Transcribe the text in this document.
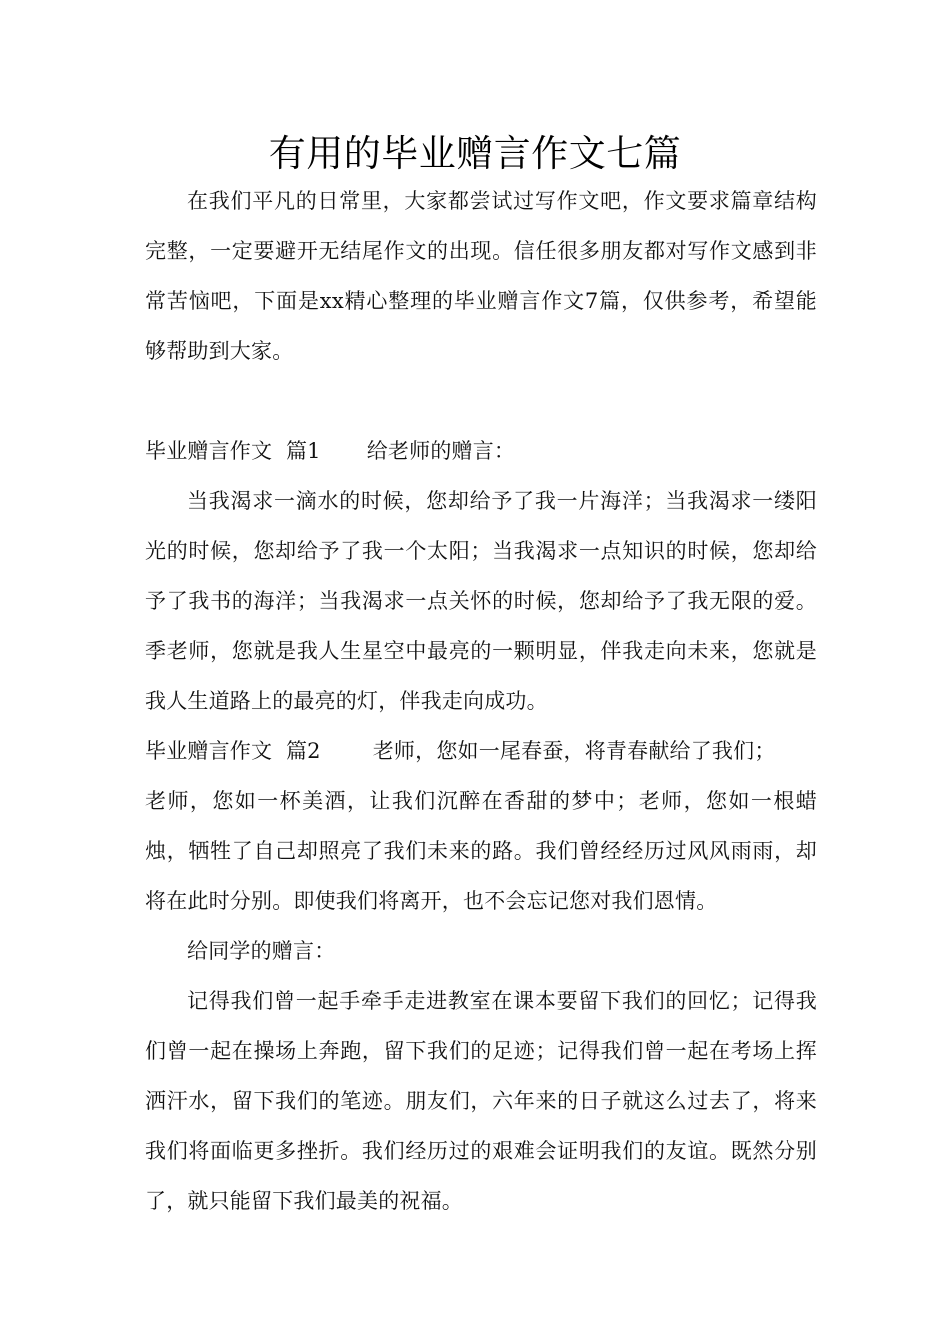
有用的毕业赠言作文七篇

在我们平凡的日常里，大家都尝试过写作文吧，作文要求篇章结构完整，一定要避开无结尾作文的出现。信任很多朋友都对写作文感到非常苦恼吧，下面是xx精心整理的毕业赠言作文7篇，仅供参考，希望能够帮助到大家。

毕业赠言作文  篇1 给老师的赠言：

当我渴求一滴水的时候，您却给予了我一片海洋；当我渴求一缕阳光的时候，您却给予了我一个太阳；当我渴求一点知识的时候，您却给予了我书的海洋；当我渴求一点关怀的时候，您却给予了我无限的爱。季老师，您就是我人生星空中最亮的一颗明显，伴我走向未来，您就是我人生道路上的最亮的灯，伴我走向成功。

毕业赠言作文  篇2 老师，您如一尾春蚕，将青春献给了我们；

老师，您如一杯美酒，让我们沉醉在香甜的梦中；老师，您如一根蜡烛，牺牲了自己却照亮了我们未来的路。我们曾经经历过风风雨雨，却将在此时分别。即使我们将离开，也不会忘记您对我们恩情。

给同学的赠言：

记得我们曾一起手牵手走进教室在课本要留下我们的回忆；记得我们曾一起在操场上奔跑，留下我们的足迹；记得我们曾一起在考场上挥洒汗水，留下我们的笔迹。朋友们，六年来的日子就这么过去了，将来我们将面临更多挫折。我们经历过的艰难会证明我们的友谊。既然分别了，就只能留下我们最美的祝福。
